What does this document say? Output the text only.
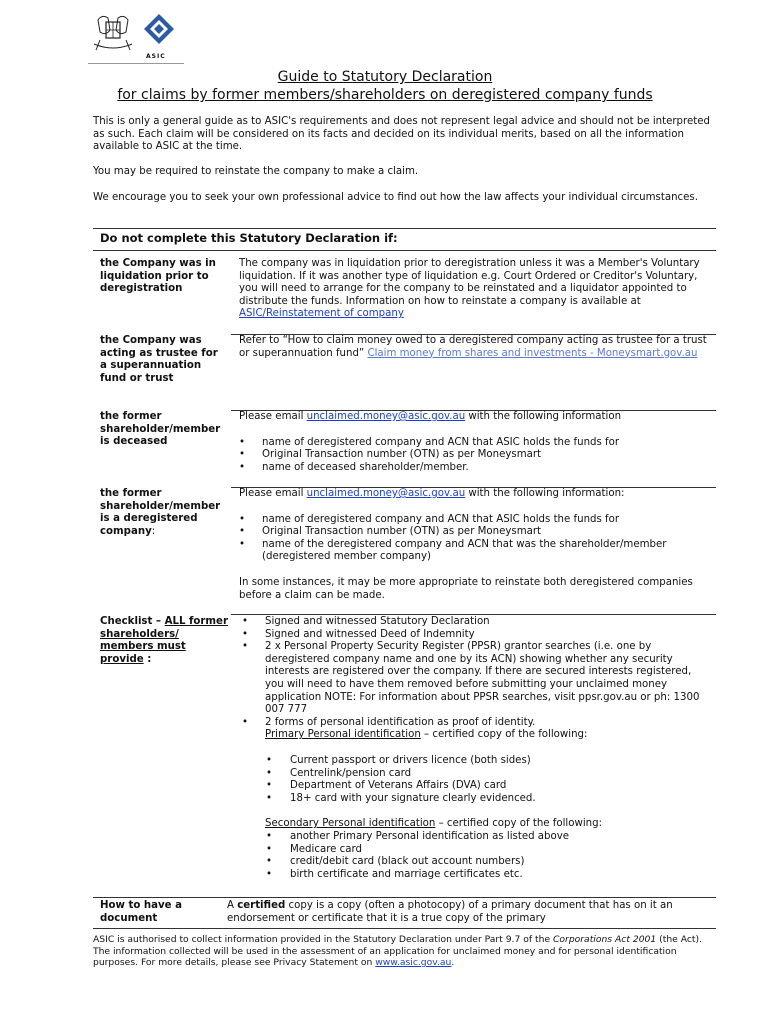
ASIC
Guide to Statutory Declaration
for claims by former members/shareholders on deregistered company funds
This is only a general guide as to ASIC's requirements and does not represent legal advice and should not be interpreted as such. Each claim will be considered on its facts and decided on its individual merits, based on all the information available to ASIC at the time.
You may be required to reinstate the company to make a claim.
We encourage you to seek your own professional advice to find out how the law affects your individual circumstances.
Do not complete this Statutory Declaration if:
the Company was in liquidation prior to deregistration
The company was in liquidation prior to deregistration unless it was a Member's Voluntary liquidation. If it was another type of liquidation e.g. Court Ordered or Creditor's Voluntary, you will need to arrange for the company to be reinstated and a liquidator appointed to distribute the funds. Information on how to reinstate a company is available at ASIC/Reinstatement of company
the Company was acting as trustee for a superannuation fund or trust
Refer to “How to claim money owed to a deregistered company acting as trustee for a trust or superannuation fund” Claim money from shares and investments - Moneysmart.gov.au
the former shareholder/member is deceased
Please email unclaimed.money@asic.gov.au with the following information
• name of deregistered company and ACN that ASIC holds the funds for
• Original Transaction number (OTN) as per Moneysmart
• name of deceased shareholder/member.
the former shareholder/member is a deregistered company:
Please email unclaimed.money@asic.gov.au with the following information:
• name of deregistered company and ACN that ASIC holds the funds for
• Original Transaction number (OTN) as per Moneysmart
• name of the deregistered company and ACN that was the shareholder/member (deregistered member company)
In some instances, it may be more appropriate to reinstate both deregistered companies before a claim can be made.
Checklist – ALL former shareholders/ members must provide :
• Signed and witnessed Statutory Declaration
• Signed and witnessed Deed of Indemnity
• 2 x Personal Property Security Register (PPSR) grantor searches (i.e. one by deregistered company name and one by its ACN) showing whether any security interests are registered over the company. If there are secured interests registered, you will need to have them removed before submitting your unclaimed money application NOTE: For information about PPSR searches, visit ppsr.gov.au or ph: 1300 007 777
• 2 forms of personal identification as proof of identity.
Primary Personal identification – certified copy of the following:
• Current passport or drivers licence (both sides)
• Centrelink/pension card
• Department of Veterans Affairs (DVA) card
• 18+ card with your signature clearly evidenced.
Secondary Personal identification – certified copy of the following:
• another Primary Personal identification as listed above
• Medicare card
• credit/debit card (black out account numbers)
• birth certificate and marriage certificates etc.
How to have a document
A certified copy is a copy (often a photocopy) of a primary document that has on it an endorsement or certificate that it is a true copy of the primary
ASIC is authorised to collect information provided in the Statutory Declaration under Part 9.7 of the Corporations Act 2001 (the Act). The information collected will be used in the assessment of an application for unclaimed money and for personal identification purposes. For more details, please see Privacy Statement on www.asic.gov.au.
